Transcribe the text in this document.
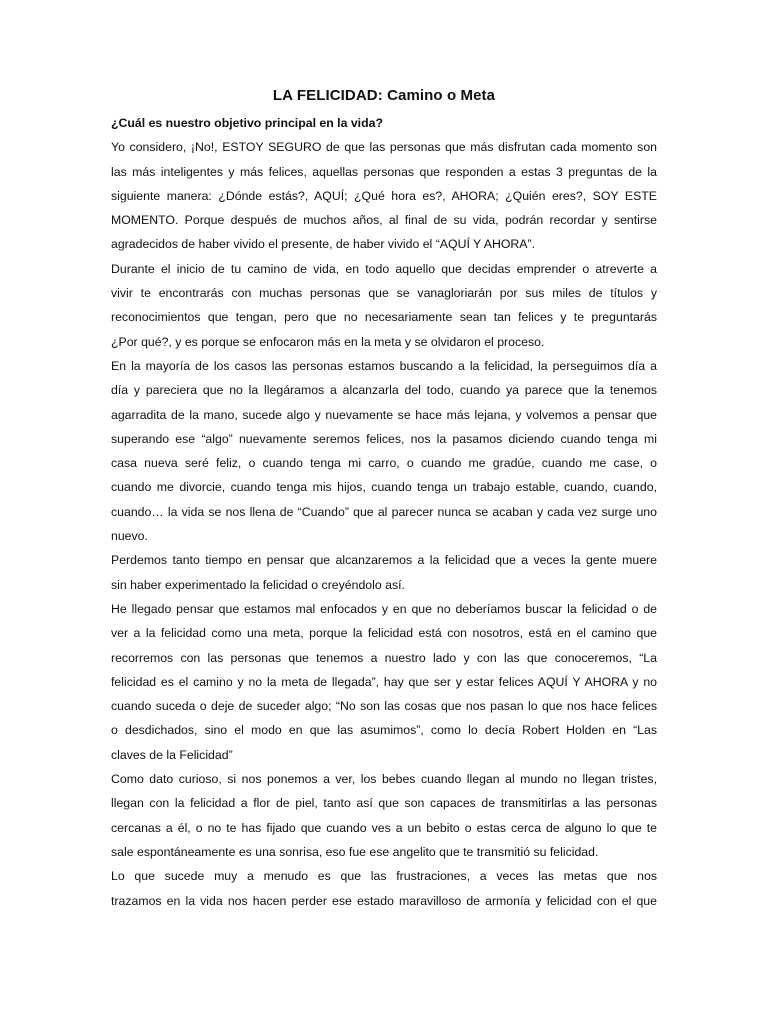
LA FELICIDAD: Camino o Meta

¿Cuál es nuestro objetivo principal en la vida?

Yo considero, ¡No!, ESTOY SEGURO de que las personas que más disfrutan cada momento son
las más inteligentes y más felices, aquellas personas que responden a estas 3 preguntas de la
siguiente manera: ¿Dónde estás?, AQUÍ; ¿Qué hora es?, AHORA; ¿Quién eres?, SOY ESTE
MOMENTO. Porque después de muchos años, al final de su vida, podrán recordar y sentirse
agradecidos de haber vivido el presente, de haber vivido el “AQUÍ Y AHORA”.

Durante el inicio de tu camino de vida, en todo aquello que decidas emprender o atreverte a
vivir te encontrarás con muchas personas que se vanagloriarán por sus miles de títulos y
reconocimientos que tengan, pero que no necesariamente sean tan felices y te preguntarás
¿Por qué?, y es porque se enfocaron más en la meta y se olvidaron el proceso.

En la mayoría de los casos las personas estamos buscando a la felicidad, la perseguimos día a
día y pareciera que no la llegáramos a alcanzarla del todo, cuando ya parece que la tenemos
agarradita de la mano, sucede algo y nuevamente se hace más lejana, y volvemos a pensar que
superando ese “algo” nuevamente seremos felices, nos la pasamos diciendo cuando tenga mi
casa nueva seré feliz, o cuando tenga mi carro, o cuando me gradúe, cuando me case, o
cuando me divorcie, cuando tenga mis hijos, cuando tenga un trabajo estable, cuando, cuando,
cuando… la vida se nos llena de “Cuando” que al parecer nunca se acaban y cada vez surge uno
nuevo.

Perdemos tanto tiempo en pensar que alcanzaremos a la felicidad que a veces la gente muere
sin haber experimentado la felicidad o creyéndolo así.

He llegado pensar que estamos mal enfocados y en que no deberíamos buscar la felicidad o de
ver a la felicidad como una meta, porque la felicidad está con nosotros, está en el camino que
recorremos con las personas que tenemos a nuestro lado y con las que conoceremos, “La
felicidad es el camino y no la meta de llegada”, hay que ser y estar felices AQUÍ Y AHORA y no
cuando suceda o deje de suceder algo; “No son las cosas que nos pasan lo que nos hace felices
o desdichados, sino el modo en que las asumimos”, como lo decía Robert Holden en “Las
claves de la Felicidad”

Como dato curioso, si nos ponemos a ver, los bebes cuando llegan al mundo no llegan tristes,
llegan con la felicidad a flor de piel, tanto así que son capaces de transmitirlas a las personas
cercanas a él, o no te has fijado que cuando ves a un bebito o estas cerca de alguno lo que te
sale espontáneamente es una sonrisa, eso fue ese angelito que te transmitió su felicidad.

Lo que sucede muy a menudo es que las frustraciones, a veces las metas que nos
trazamos en la vida nos hacen perder ese estado maravilloso de armonía y felicidad con el que
